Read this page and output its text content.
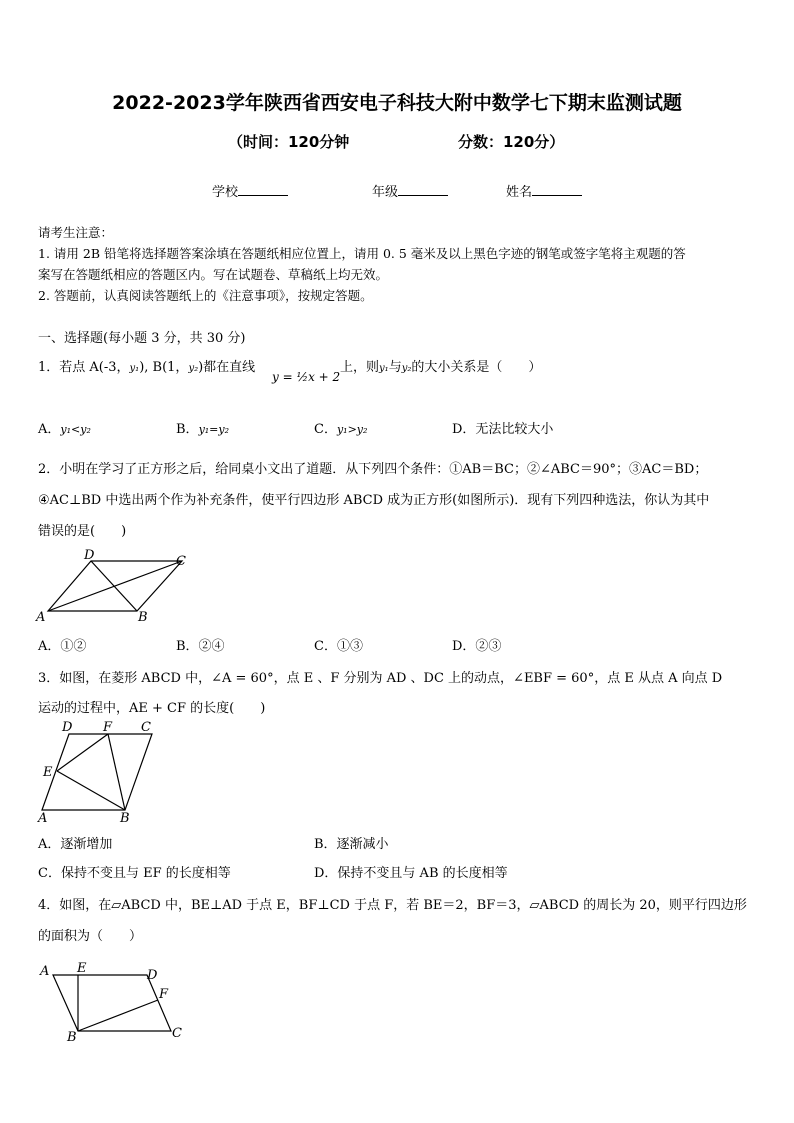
2022-2023学年陕西省西安电子科技大附中数学七下期末监测试题
（时间：120分钟	分数：120分）
学校	年级	姓名
请考生注意：
1. 请用 2B 铅笔将选择题答案涂填在答题纸相应位置上，请用 0. 5 毫米及以上黑色字迹的钢笔或签字笔将主观题的答
案写在答题纸相应的答题区内。写在试题卷、草稿纸上均无效。
2. 答题前，认真阅读答题纸上的《注意事项》，按规定答题。
一、选择题(每小题 3 分，共 30 分)
1．若点 A(-3，y₁), B(1，y₂)都在直线
y = ½x + 2
上，则y₁与y₂的大小关系是（　　）
A．y₁<y₂	B．y₁=y₂	C．y₁>y₂	D．无法比较大小
2．小明在学习了正方形之后，给同桌小文出了道题．从下列四个条件：①AB＝BC；②∠ABC＝90°；③AC＝BD；
④AC⊥BD 中选出两个作为补充条件，使平行四边形 ABCD 成为正方形(如图所示)．现有下列四种选法，你认为其中
错误的是(　　)
D	C
A	B
A．①②	B．②④	C．①③	D．②③
3．如图，在菱形 ABCD 中，∠A = 60°，点 E 、F 分别为 AD 、DC 上的动点，∠EBF = 60°，点 E 从点 A 向点 D
运动的过程中，AE + CF 的长度(　　)
D F C
E
A	B
A．逐渐增加	B．逐渐减小
C．保持不变且与 EF 的长度相等	D．保持不变且与 AB 的长度相等
4．如图，在▱ABCD 中，BE⊥AD 于点 E，BF⊥CD 于点 F，若 BE＝2，BF＝3，▱ABCD 的周长为 20，则平行四边形
的面积为（　　）
A E	D
F
C
B
